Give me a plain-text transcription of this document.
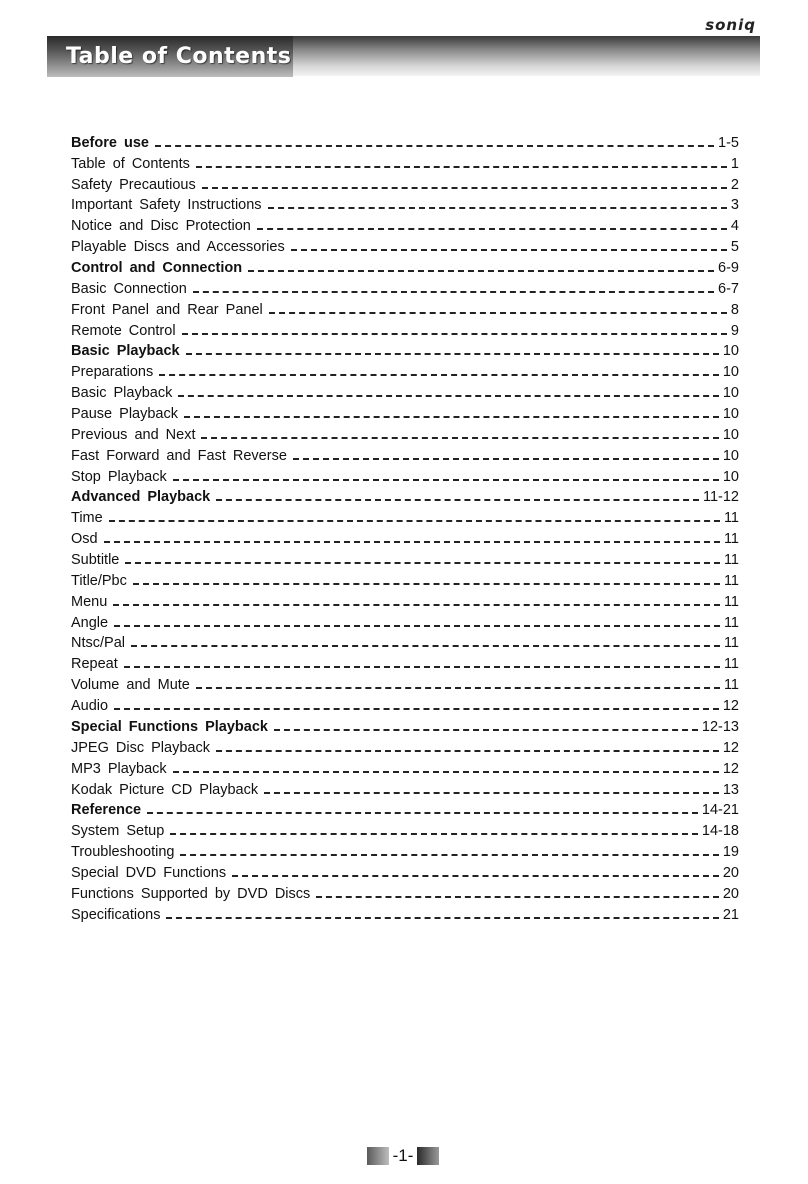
soniq
Table of Contents
Before use	1-5
Table of Contents	1
Safety Precautious	2
Important Safety Instructions	3
Notice and Disc Protection	4
Playable Discs and Accessories	5
Control and Connection	6-9
Basic Connection	6-7
Front Panel and Rear Panel	8
Remote Control	9
Basic Playback	10
Preparations	10
Basic Playback	10
Pause Playback	10
Previous and Next	10
Fast Forward and Fast Reverse	10
Stop Playback	10
Advanced Playback	11-12
Time	11
Osd	11
Subtitle	11
Title/Pbc	11
Menu	11
Angle	11
Ntsc/Pal	11
Repeat	11
Volume and Mute	11
Audio	12
Special Functions Playback	12-13
JPEG Disc Playback	12
MP3 Playback	12
Kodak Picture CD Playback	13
Reference	14-21
System Setup	14-18
Troubleshooting	19
Special DVD Functions	20
Functions Supported by DVD Discs	20
Specifications	21
-1-
